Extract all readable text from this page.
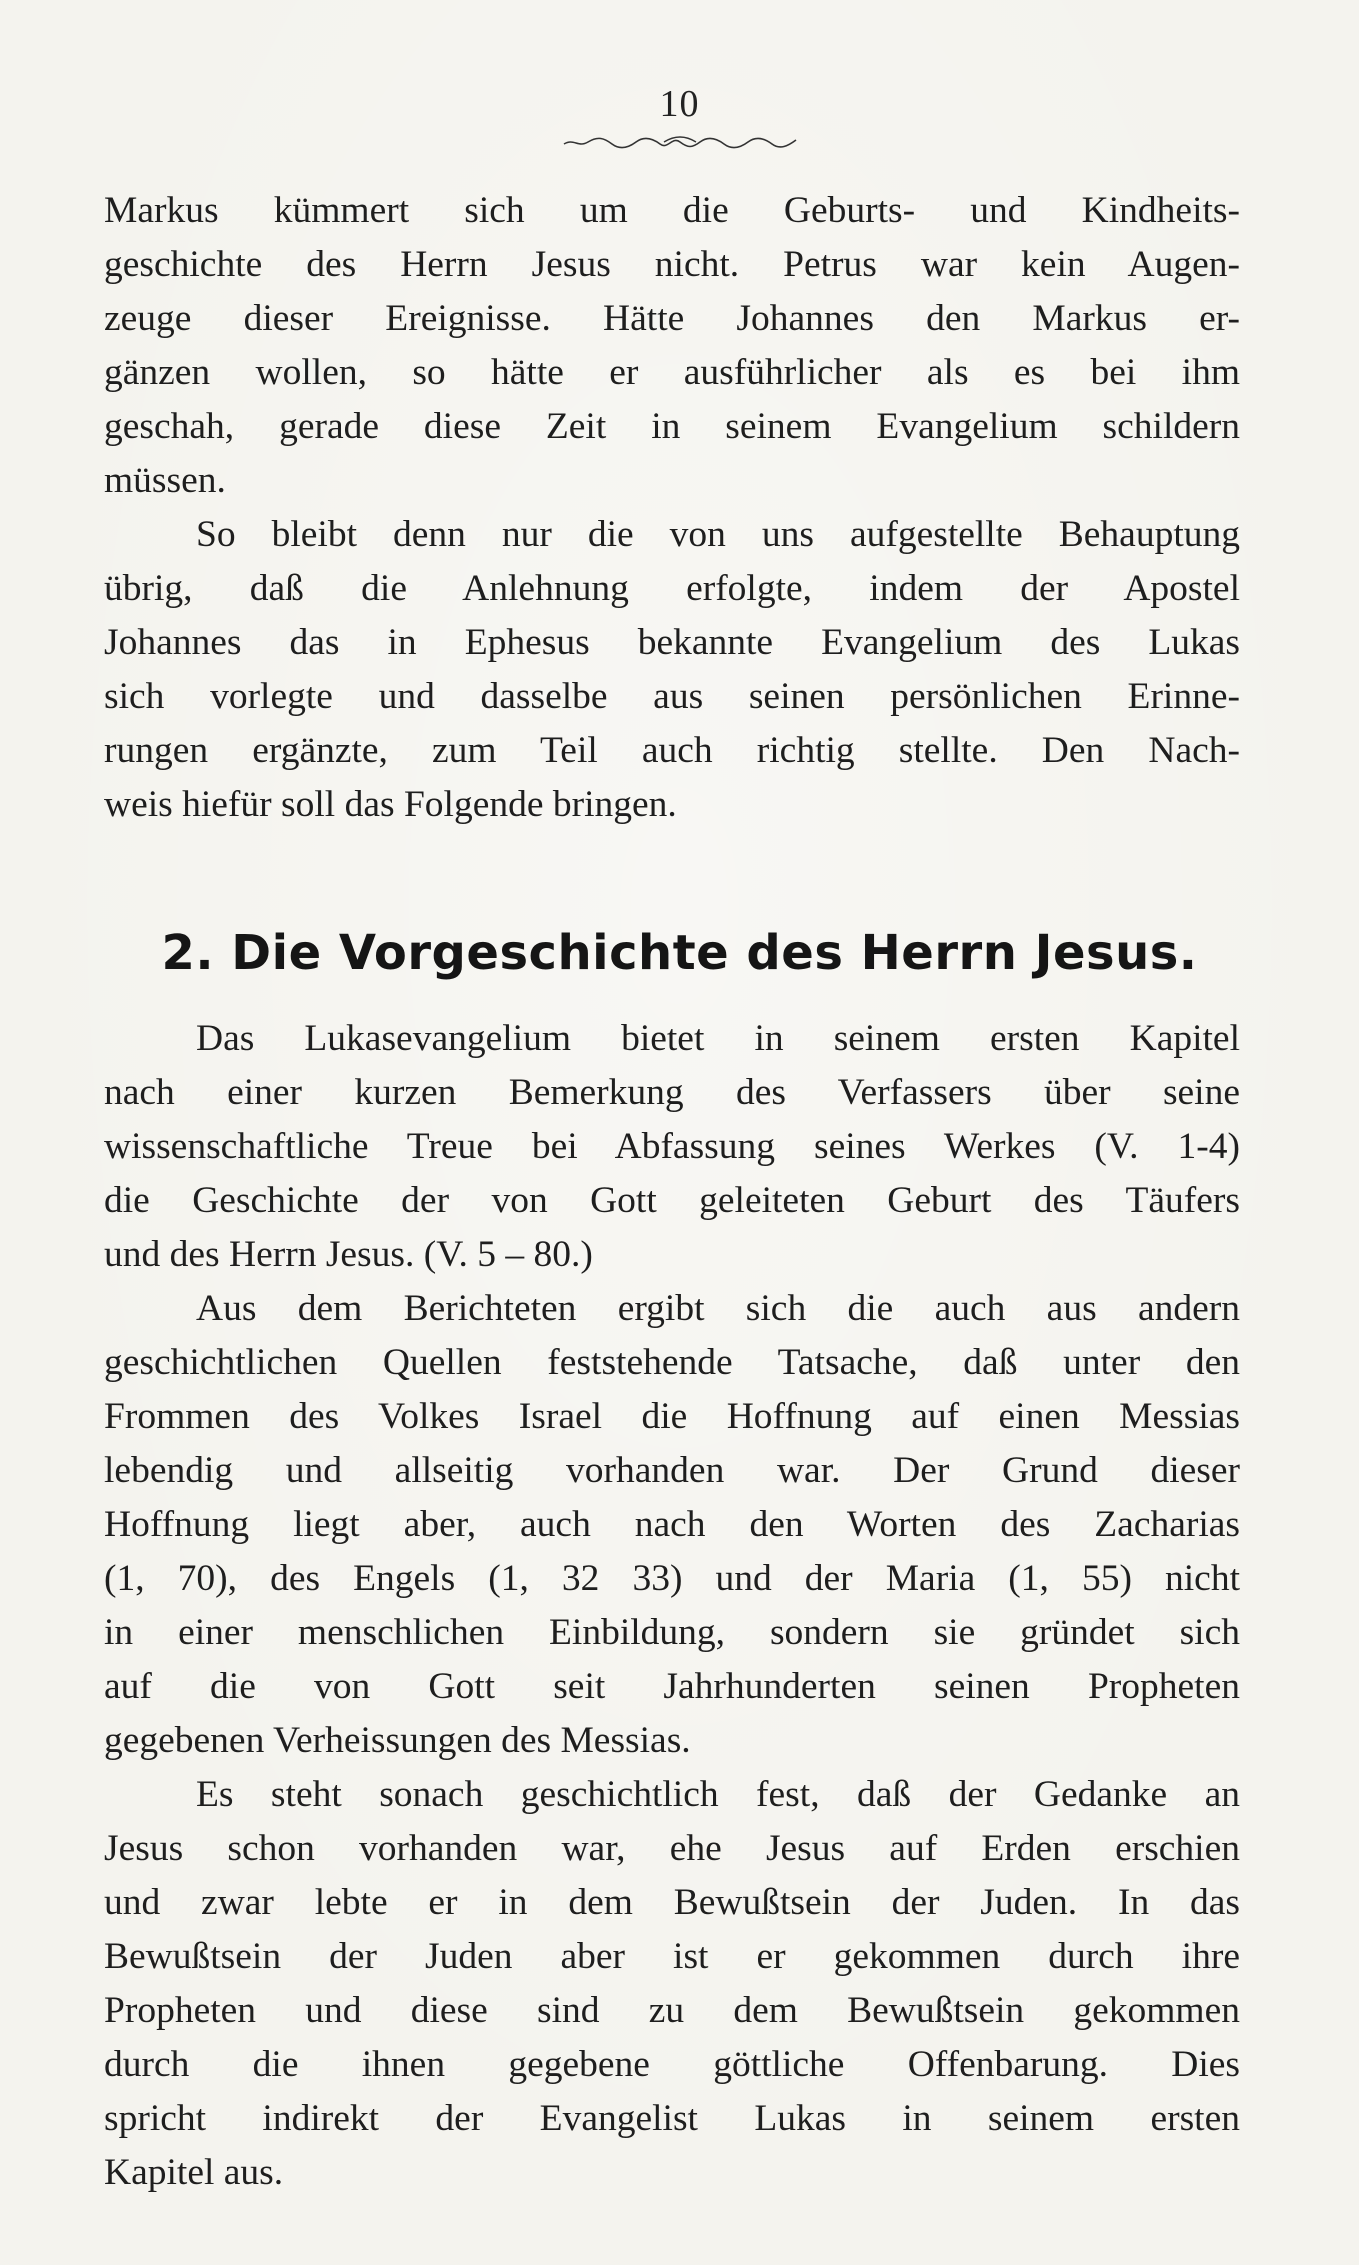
10
Markus kümmert sich um die Geburts- und Kindheits-
geschichte des Herrn Jesus nicht. Petrus war kein Augen-
zeuge dieser Ereignisse. Hätte Johannes den Markus er-
gänzen wollen, so hätte er ausführlicher als es bei ihm
geschah, gerade diese Zeit in seinem Evangelium schildern
müssen.
So bleibt denn nur die von uns aufgestellte Behauptung
übrig, daß die Anlehnung erfolgte, indem der Apostel
Johannes das in Ephesus bekannte Evangelium des Lukas
sich vorlegte und dasselbe aus seinen persönlichen Erinne-
rungen ergänzte, zum Teil auch richtig stellte. Den Nach-
weis hiefür soll das Folgende bringen.
2. Die Vorgeschichte des Herrn Jesus.
Das Lukasevangelium bietet in seinem ersten Kapitel
nach einer kurzen Bemerkung des Verfassers über seine
wissenschaftliche Treue bei Abfassung seines Werkes (V. 1-4)
die Geschichte der von Gott geleiteten Geburt des Täufers
und des Herrn Jesus. (V. 5 – 80.)
Aus dem Berichteten ergibt sich die auch aus andern
geschichtlichen Quellen feststehende Tatsache, daß unter den
Frommen des Volkes Israel die Hoffnung auf einen Messias
lebendig und allseitig vorhanden war. Der Grund dieser
Hoffnung liegt aber, auch nach den Worten des Zacharias
(1, 70), des Engels (1, 32 33) und der Maria (1, 55) nicht
in einer menschlichen Einbildung, sondern sie gründet sich
auf die von Gott seit Jahrhunderten seinen Propheten
gegebenen Verheissungen des Messias.
Es steht sonach geschichtlich fest, daß der Gedanke an
Jesus schon vorhanden war, ehe Jesus auf Erden erschien
und zwar lebte er in dem Bewußtsein der Juden. In das
Bewußtsein der Juden aber ist er gekommen durch ihre
Propheten und diese sind zu dem Bewußtsein gekommen
durch die ihnen gegebene göttliche Offenbarung. Dies
spricht indirekt der Evangelist Lukas in seinem ersten
Kapitel aus.
